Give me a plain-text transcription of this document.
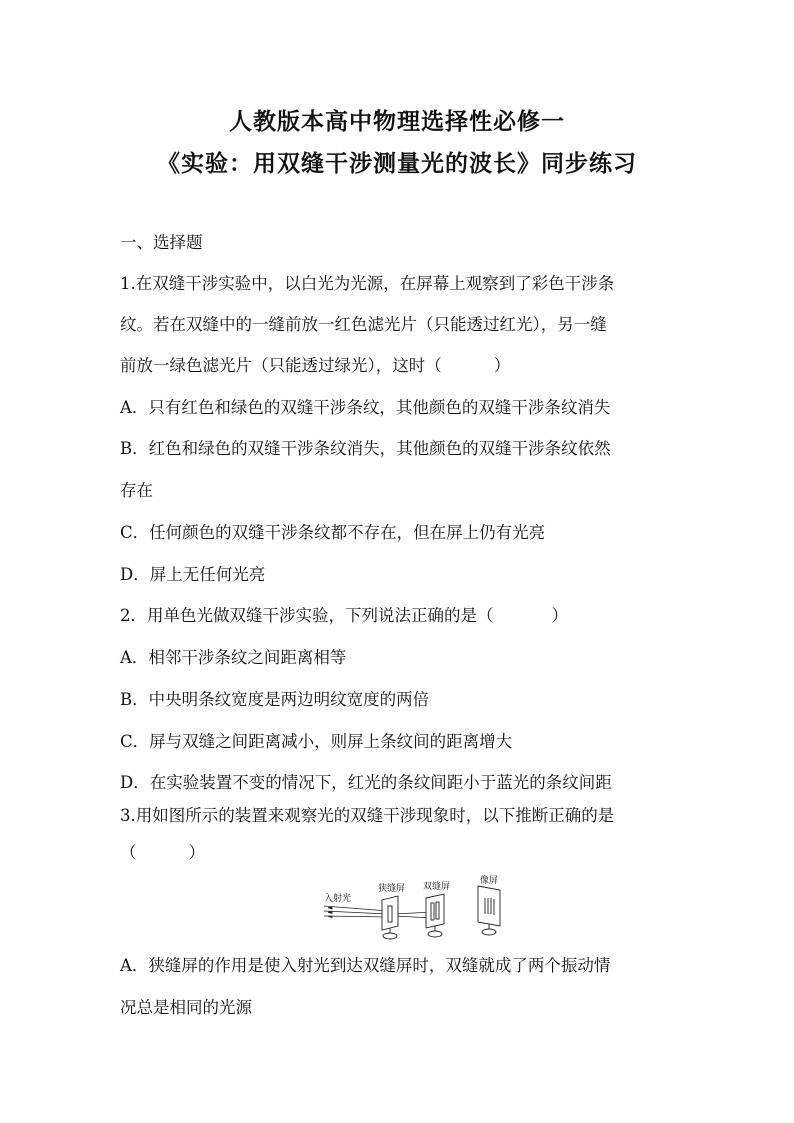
人教版本高中物理选择性必修一
《实验：用双缝干涉测量光的波长》同步练习
一、选择题
1.在双缝干涉实验中，以白光为光源，在屏幕上观察到了彩色干涉条
纹。若在双缝中的一缝前放一红色滤光片（只能透过红光），另一缝
前放一绿色滤光片（只能透过绿光），这时（	）
A．只有红色和绿色的双缝干涉条纹，其他颜色的双缝干涉条纹消失
B．红色和绿色的双缝干涉条纹消失，其他颜色的双缝干涉条纹依然
存在
C．任何颜色的双缝干涉条纹都不存在，但在屏上仍有光亮
D．屏上无任何光亮
2．用单色光做双缝干涉实验，下列说法正确的是（	）
A．相邻干涉条纹之间距离相等
B．中央明条纹宽度是两边明纹宽度的两倍
C．屏与双缝之间距离减小，则屏上条纹间的距离增大
D．在实验装置不变的情况下，红光的条纹间距小于蓝光的条纹间距
3.用如图所示的装置来观察光的双缝干涉现象时，以下推断正确的是
（	）
入射光
狭缝屏 双缝屏
像屏
A．狭缝屏的作用是使入射光到达双缝屏时，双缝就成了两个振动情
况总是相同的光源
